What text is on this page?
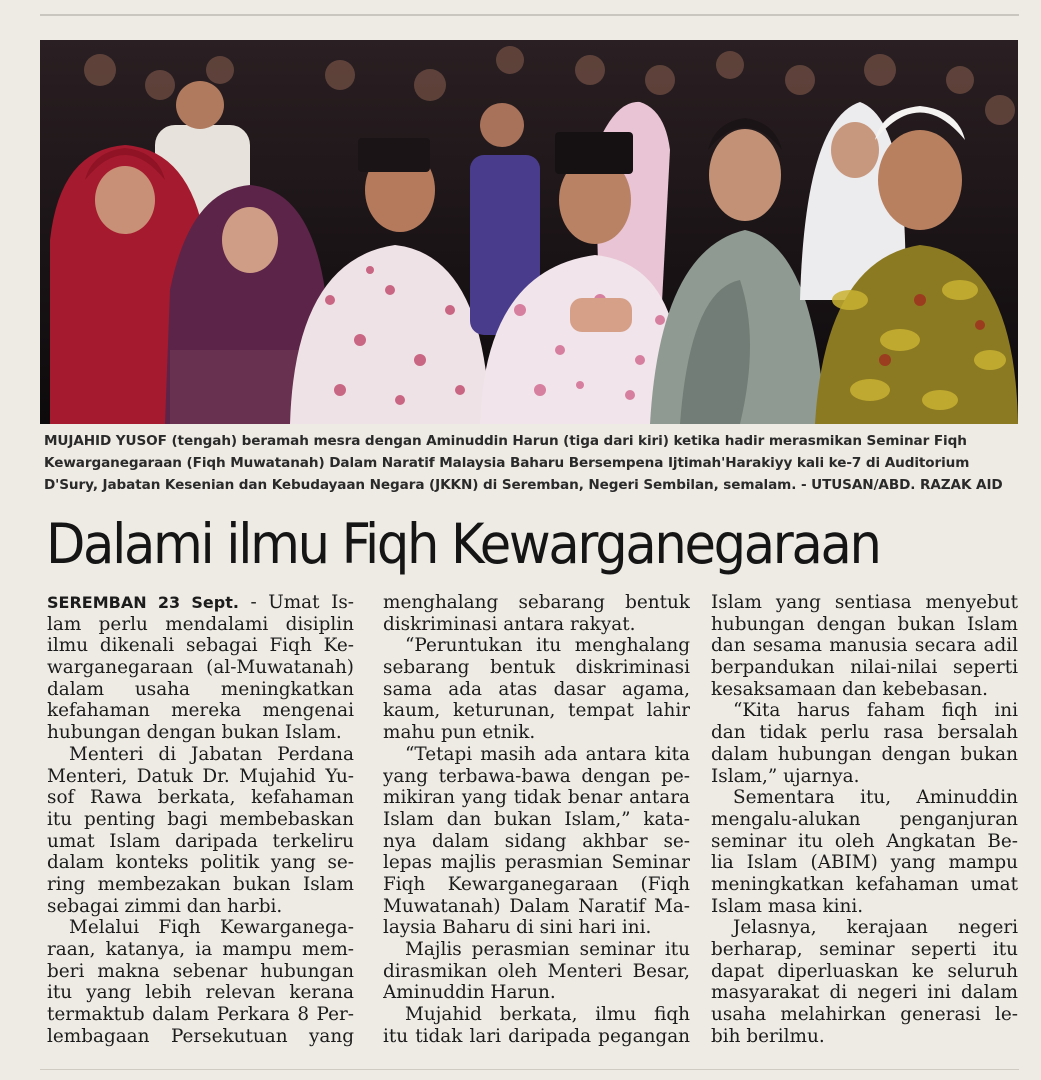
MUJAHID YUSOF (tengah) beramah mesra dengan Aminuddin Harun (tiga dari kiri) ketika hadir merasmikan Seminar Fiqh Kewarganegaraan (Fiqh Muwatanah) Dalam Naratif Malaysia Baharu Bersempena Ijtimah'Harakiyy kali ke-7 di Auditorium D'Sury, Jabatan Kesenian dan Kebudayaan Negara (JKKN) di Seremban, Negeri Sembilan, semalam. - UTUSAN/ABD. RAZAK AID

Dalami ilmu Fiqh Kewarganegaraan
SEREMBAN 23 Sept. - Umat Is-
lam perlu mendalami disiplin
ilmu dikenali sebagai Fiqh Ke-
warganegaraan (al-Muwatanah)
dalam usaha meningkatkan
kefahaman mereka mengenai
hubungan dengan bukan Islam.
Menteri di Jabatan Perdana
Menteri, Datuk Dr. Mujahid Yu-
sof Rawa berkata, kefahaman
itu penting bagi membebaskan
umat Islam daripada terkeliru
dalam konteks politik yang se-
ring membezakan bukan Islam
sebagai zimmi dan harbi.
Melalui Fiqh Kewarganega-
raan, katanya, ia mampu mem-
beri makna sebenar hubungan
itu yang lebih relevan kerana
termaktub dalam Perkara 8 Per-
lembagaan Persekutuan yang
menghalang sebarang bentuk
diskriminasi antara rakyat.
“Peruntukan itu menghalang
sebarang bentuk diskriminasi
sama ada atas dasar agama,
kaum, keturunan, tempat lahir
mahu pun etnik.
“Tetapi masih ada antara kita
yang terbawa-bawa dengan pe-
mikiran yang tidak benar antara
Islam dan bukan Islam,” kata-
nya dalam sidang akhbar se-
lepas majlis perasmian Seminar
Fiqh Kewarganegaraan (Fiqh
Muwatanah) Dalam Naratif Ma-
laysia Baharu di sini hari ini.
Majlis perasmian seminar itu
dirasmikan oleh Menteri Besar,
Aminuddin Harun.
Mujahid berkata, ilmu fiqh
itu tidak lari daripada pegangan
Islam yang sentiasa menyebut
hubungan dengan bukan Islam
dan sesama manusia secara adil
berpandukan nilai-nilai seperti
kesaksamaan dan kebebasan.
“Kita harus faham fiqh ini
dan tidak perlu rasa bersalah
dalam hubungan dengan bukan
Islam,” ujarnya.
Sementara itu, Aminuddin
mengalu-alukan penganjuran
seminar itu oleh Angkatan Be-
lia Islam (ABIM) yang mampu
meningkatkan kefahaman umat
Islam masa kini.
Jelasnya, kerajaan negeri
berharap, seminar seperti itu
dapat diperluaskan ke seluruh
masyarakat di negeri ini dalam
usaha melahirkan generasi le-
bih berilmu.
